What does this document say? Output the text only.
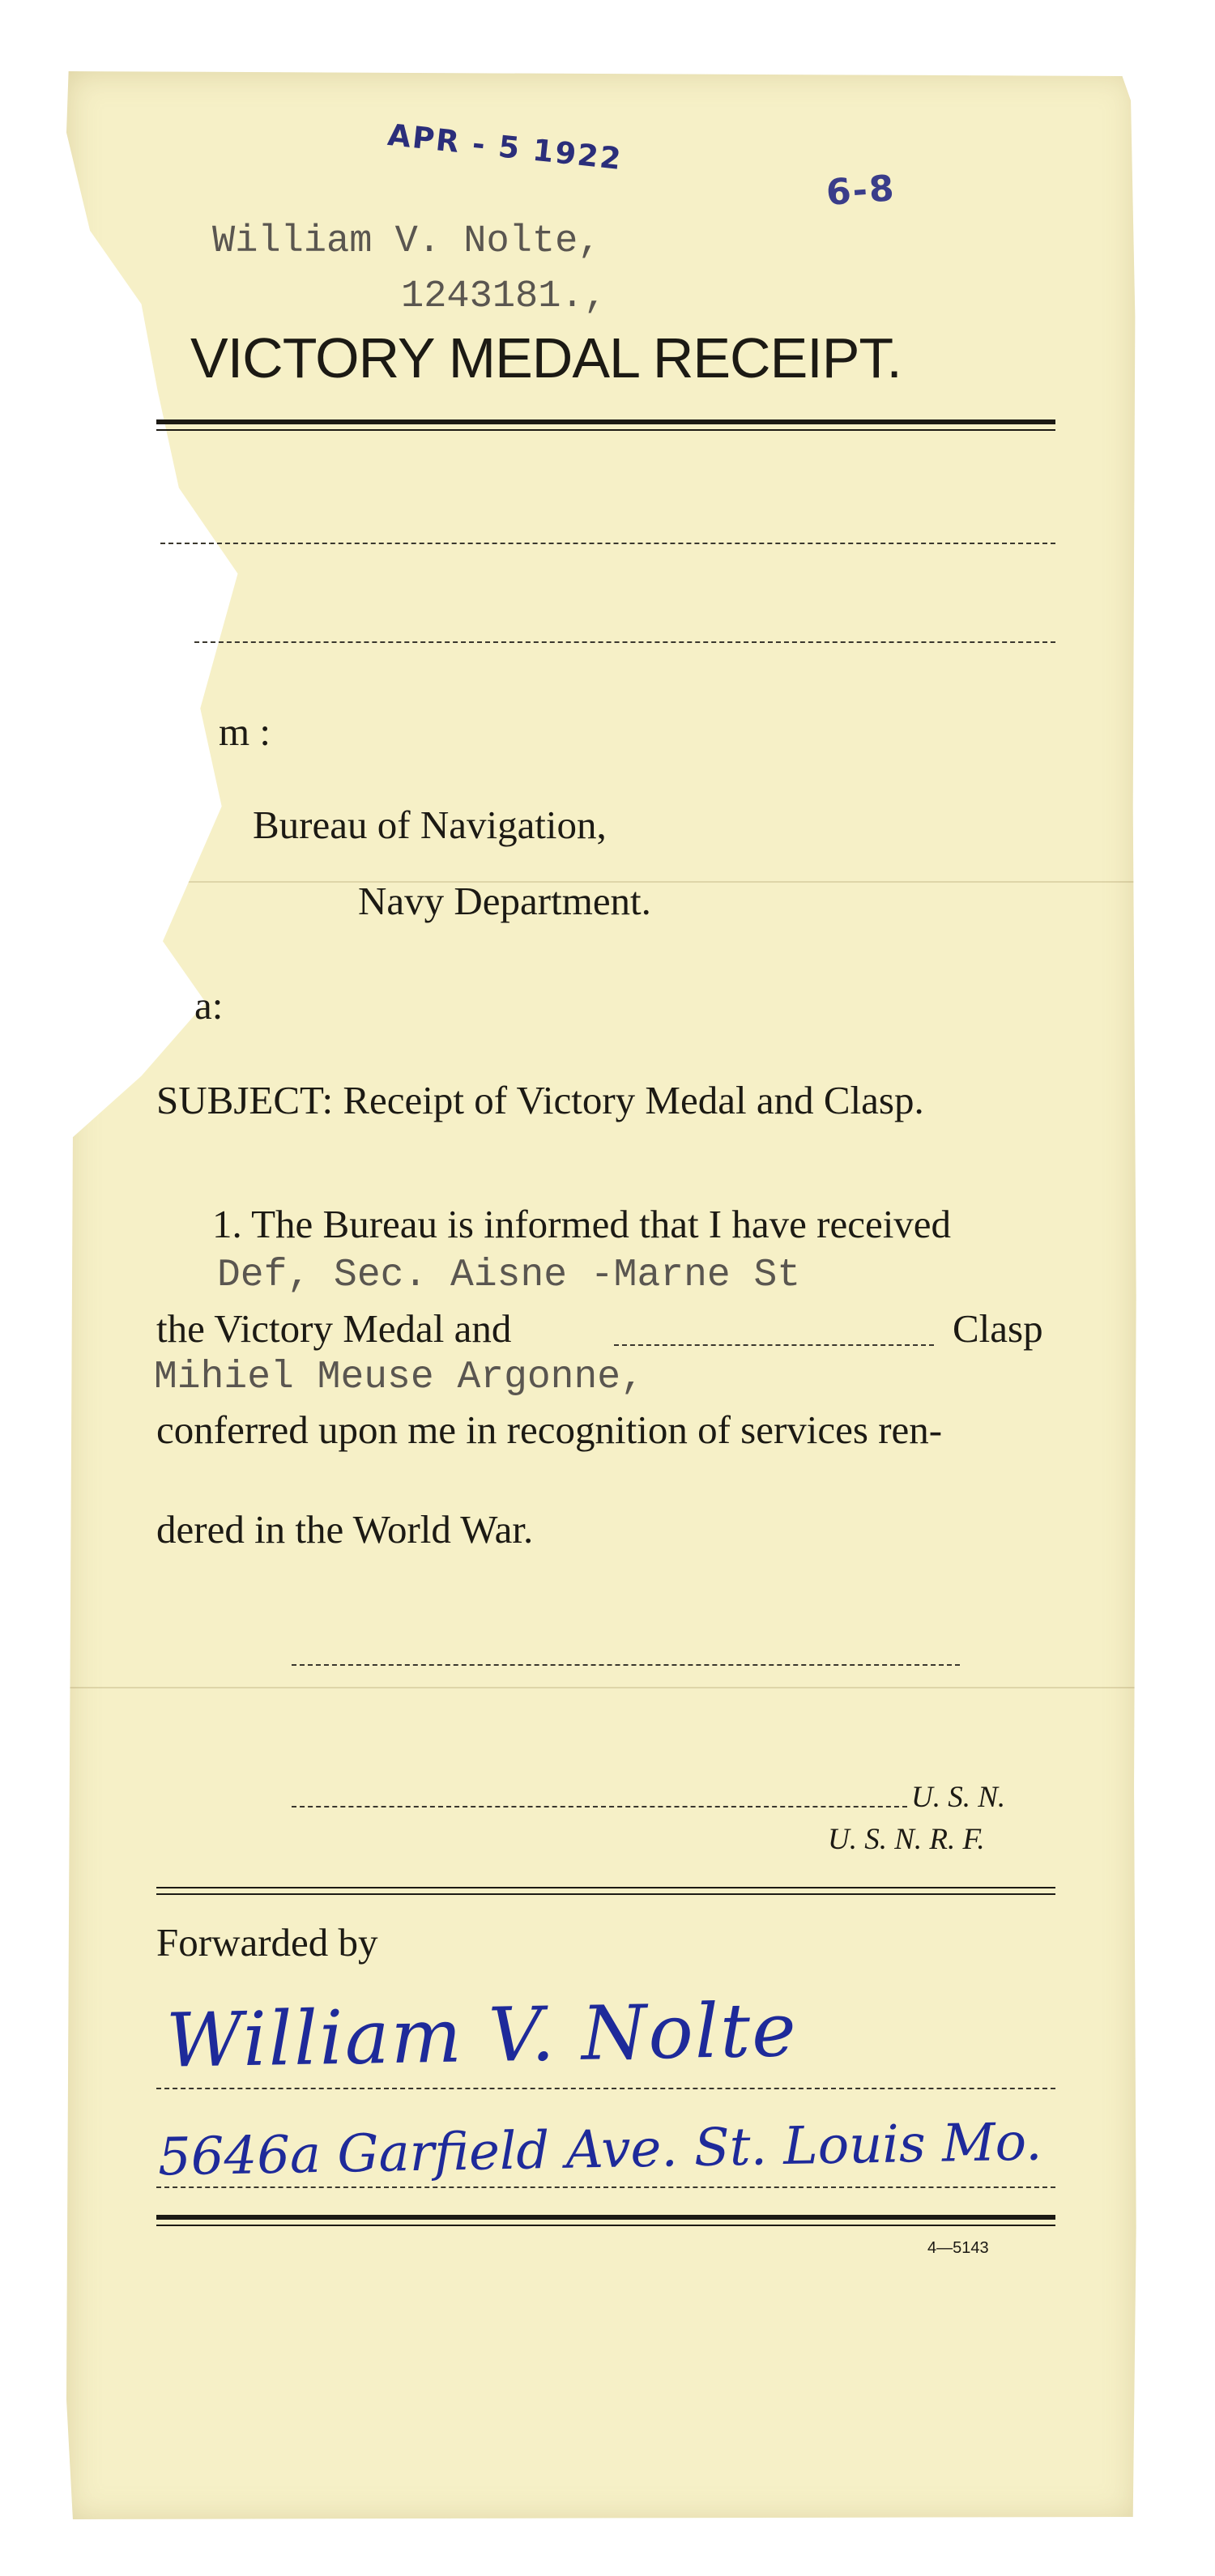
APR - 5 1922
6-8
William V. Nolte,
1243181.,
VICTORY MEDAL RECEIPT.
m :
Bureau of Navigation,
Navy Department.
a:
SUBJECT: Receipt of Victory Medal and Clasp.
1. The Bureau is informed that I have received
Def, Sec. Aisne -Marne St
the Victory Medal and	Clasp
Mihiel Meuse Argonne,
conferred upon me in recognition of services ren-
dered in the World War.
U. S. N.
U. S. N. R. F.
Forwarded by
William V. Nolte
5646a Garfield Ave. St. Louis Mo.
4—5143
